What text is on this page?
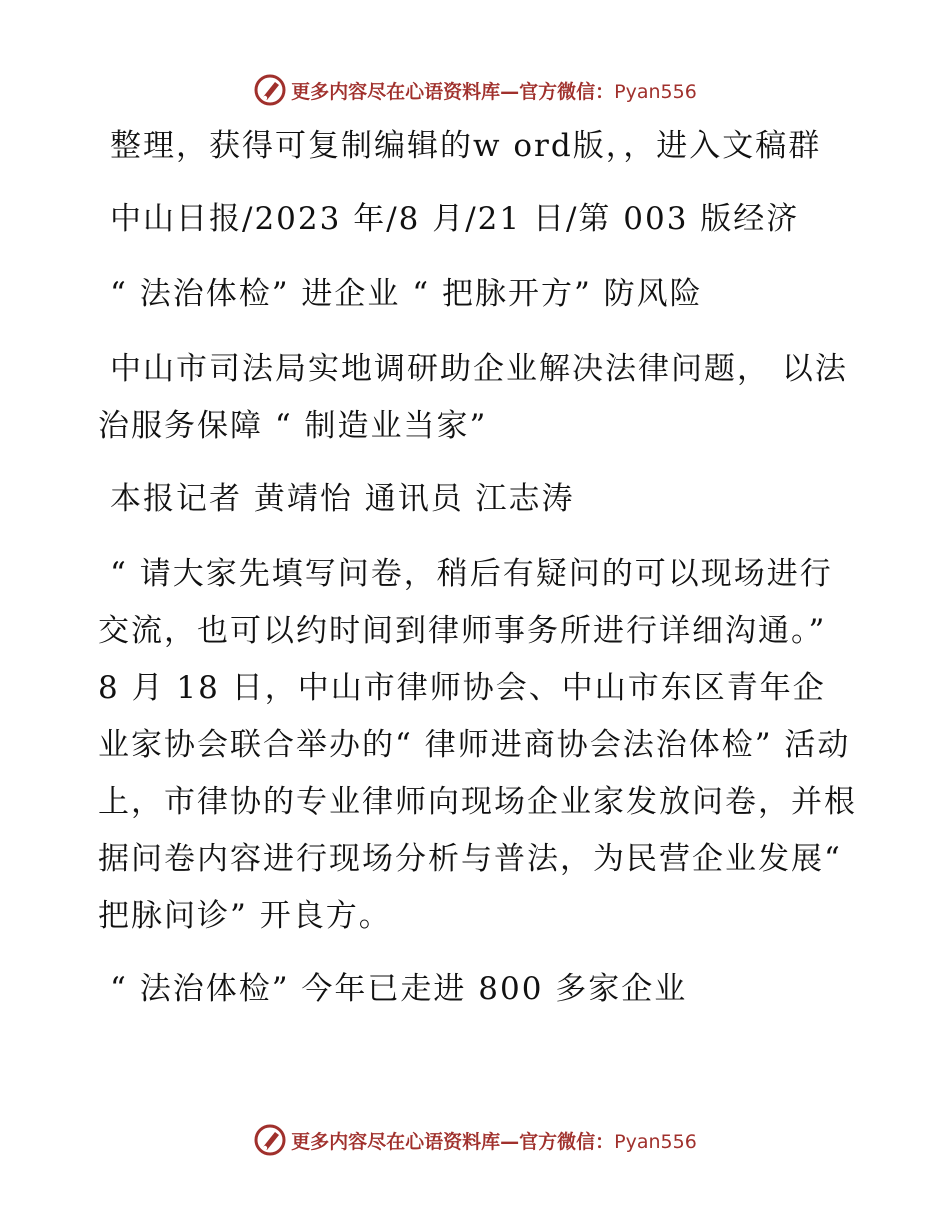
更多内容尽在心语资料库—官方微信：Pyan556

整理，获得可复制编辑的w ord版，，进入文稿群

中山日报/2023 年/8 月/21 日/第 003 版经济

“ 法治体检” 进企业 “ 把脉开方” 防风险

中山市司法局实地调研助企业解决法律问题， 以法治服务保障 “ 制造业当家”

本报记者 黄靖怡 通讯员 江志涛

“ 请大家先填写问卷，稍后有疑问的可以现场进行交流，也可以约时间到律师事务所进行详细沟通。” 8 月 18 日，中山市律师协会、中山市东区青年企业家协会联合举办的“ 律师进商协会法治体检” 活动上，市律协的专业律师向现场企业家发放问卷，并根据问卷内容进行现场分析与普法，为民营企业发展“ 把脉问诊” 开良方。

“ 法治体检” 今年已走进 800 多家企业

更多内容尽在心语资料库—官方微信：Pyan556
